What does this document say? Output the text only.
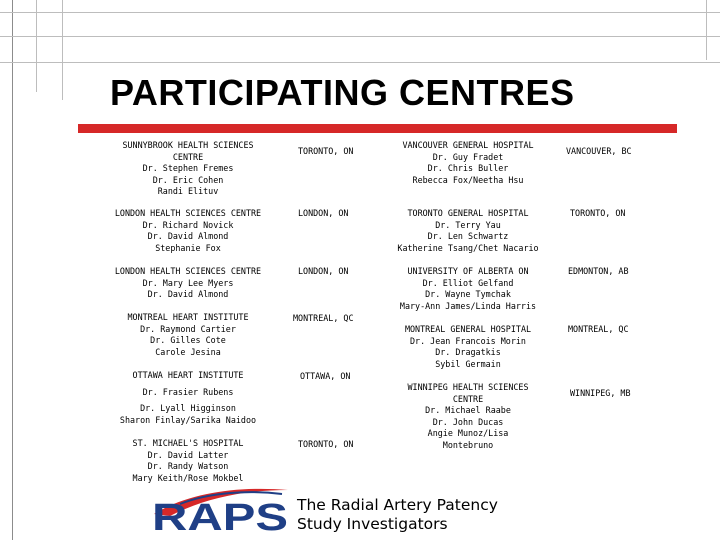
PARTICIPATING CENTRES
SUNNYBROOK HEALTH SCIENCES CENTRE
Dr. Stephen Fremes
Dr. Eric Cohen
Randi Elituv
TORONTO, ON
LONDON HEALTH SCIENCES CENTRE
Dr. Richard Novick
Dr. David Almond
Stephanie Fox
LONDON, ON
LONDON HEALTH SCIENCES CENTRE
Dr. Mary Lee Myers
Dr. David Almond
LONDON, ON
MONTREAL HEART INSTITUTE
Dr. Raymond Cartier
Dr. Gilles Cote
Carole Jesina
MONTREAL, QC
OTTAWA HEART INSTITUTE
Dr. Frasier Rubens
Dr. Lyall Higginson
Sharon Finlay/Sarika Naidoo
OTTAWA, ON
ST. MICHAEL'S HOSPITAL
Dr. David Latter
Dr. Randy Watson
Mary Keith/Rose Mokbel
TORONTO, ON
VANCOUVER GENERAL HOSPITAL
Dr. Guy Fradet
Dr. Chris Buller
Rebecca Fox/Neetha Hsu
VANCOUVER, BC
TORONTO GENERAL HOSPITAL
Dr. Terry Yau
Dr. Len Schwartz
Katherine Tsang/Chet Nacario
TORONTO, ON
UNIVERSITY OF ALBERTA ON
Dr. Elliot Gelfand
Dr. Wayne Tymchak
Mary-Ann James/Linda Harris
EDMONTON, AB
MONTREAL GENERAL HOSPITAL
Dr. Jean Francois Morin
Dr. Dragatkis
Sybil Germain
MONTREAL, QC
WINNIPEG HEALTH SCIENCES CENTRE
Dr. Michael Raabe
Dr. John Ducas
Angie Munoz/Lisa Montebruno
WINNIPEG, MB
RAPS The Radial Artery Patency
Study Investigators
